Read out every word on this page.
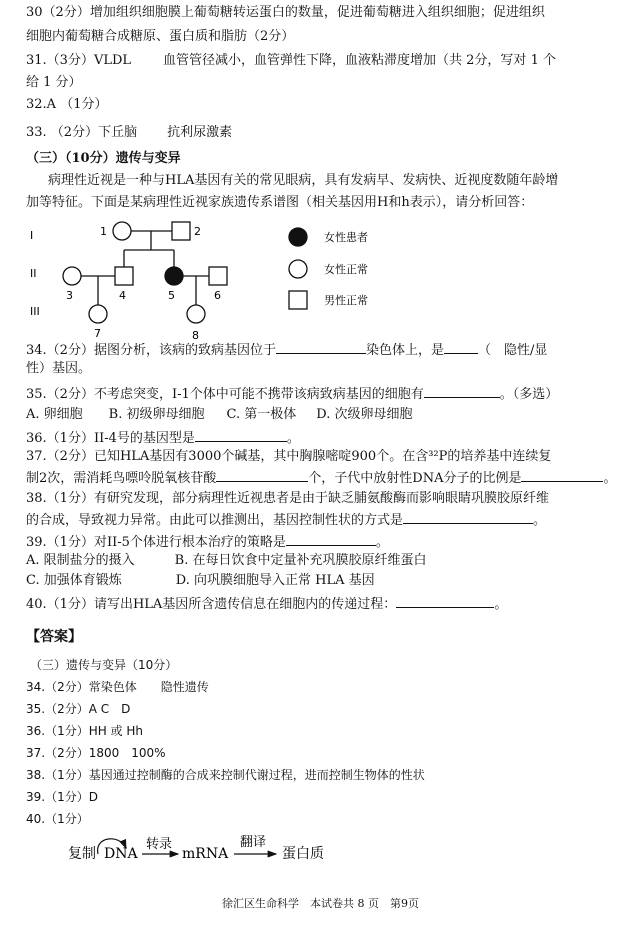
30（2分）增加组织细胞膜上葡萄糖转运蛋白的数量，促进葡萄糖进入组织细胞；促进组织
细胞内葡萄糖合成糖原、蛋白质和脂肪（2分）
31.（3分）VLDL 血管管径减小，血管弹性下降，血液粘滞度增加（共 2分，写对 1 个
给 1 分）
32.A （1分）
33. （2分）下丘脑 抗利尿激素
（三）（10分）遗传与变异
病理性近视是一种与HLA基因有关的常见眼病，具有发病早、发病快、近视度数随年龄增
加等特征。下面是某病理性近视家族遗传系谱图（相关基因用H和h表示），请分析回答：
I
II
III
1	2
3	4	5	6
7	8
女性患者
女性正常
男性正常
34.（2分）据图分析，该病的致病基因位于	染色体上，是	（　隐性/显
性）基因。
35.（2分）不考虑突变，I-1个体中可能不携带该病致病基因的细胞有	。（多选）
A. 卵细胞 B. 初级卵母细胞 C. 第一极体 D. 次级卵母细胞
36.（1分）II-4号的基因型是	。
37.（2分）已知HLA基因有3000个碱基，其中胸腺嘧啶900个。在含³²P的培养基中连续复
制2次，需消耗鸟嘌呤脱氧核苷酸	个，子代中放射性DNA分子的比例是	。
38.（1分）有研究发现，部分病理性近视患者是由于缺乏脯氨酸酶而影响眼睛巩膜胶原纤维
的合成，导致视力异常。由此可以推测出，基因控制性状的方式是	。
39.（1分）对II-5个体进行根本治疗的策略是	。
A. 限制盐分的摄入	B. 在每日饮食中定量补充巩膜胶原纤维蛋白
C. 加强体育锻炼	D. 向巩膜细胞导入正常 HLA 基因
40.（1分）请写出HLA基因所含遗传信息在细胞内的传递过程：	。
【答案】
（三）遗传与变异（10分）
34.（2分）常染色体　　隐性遗传
35.（2分）A C　D
36.（1分）HH 或 Hh
37.（2分）1800　100%
38.（1分）基因通过控制酶的合成来控制代谢过程，进而控制生物体的性状
39.（1分）D
40.（1分）
复制 DNA
转录
mRNA
翻译
蛋白质
徐汇区生命科学　本试卷共 8 页　第9页
